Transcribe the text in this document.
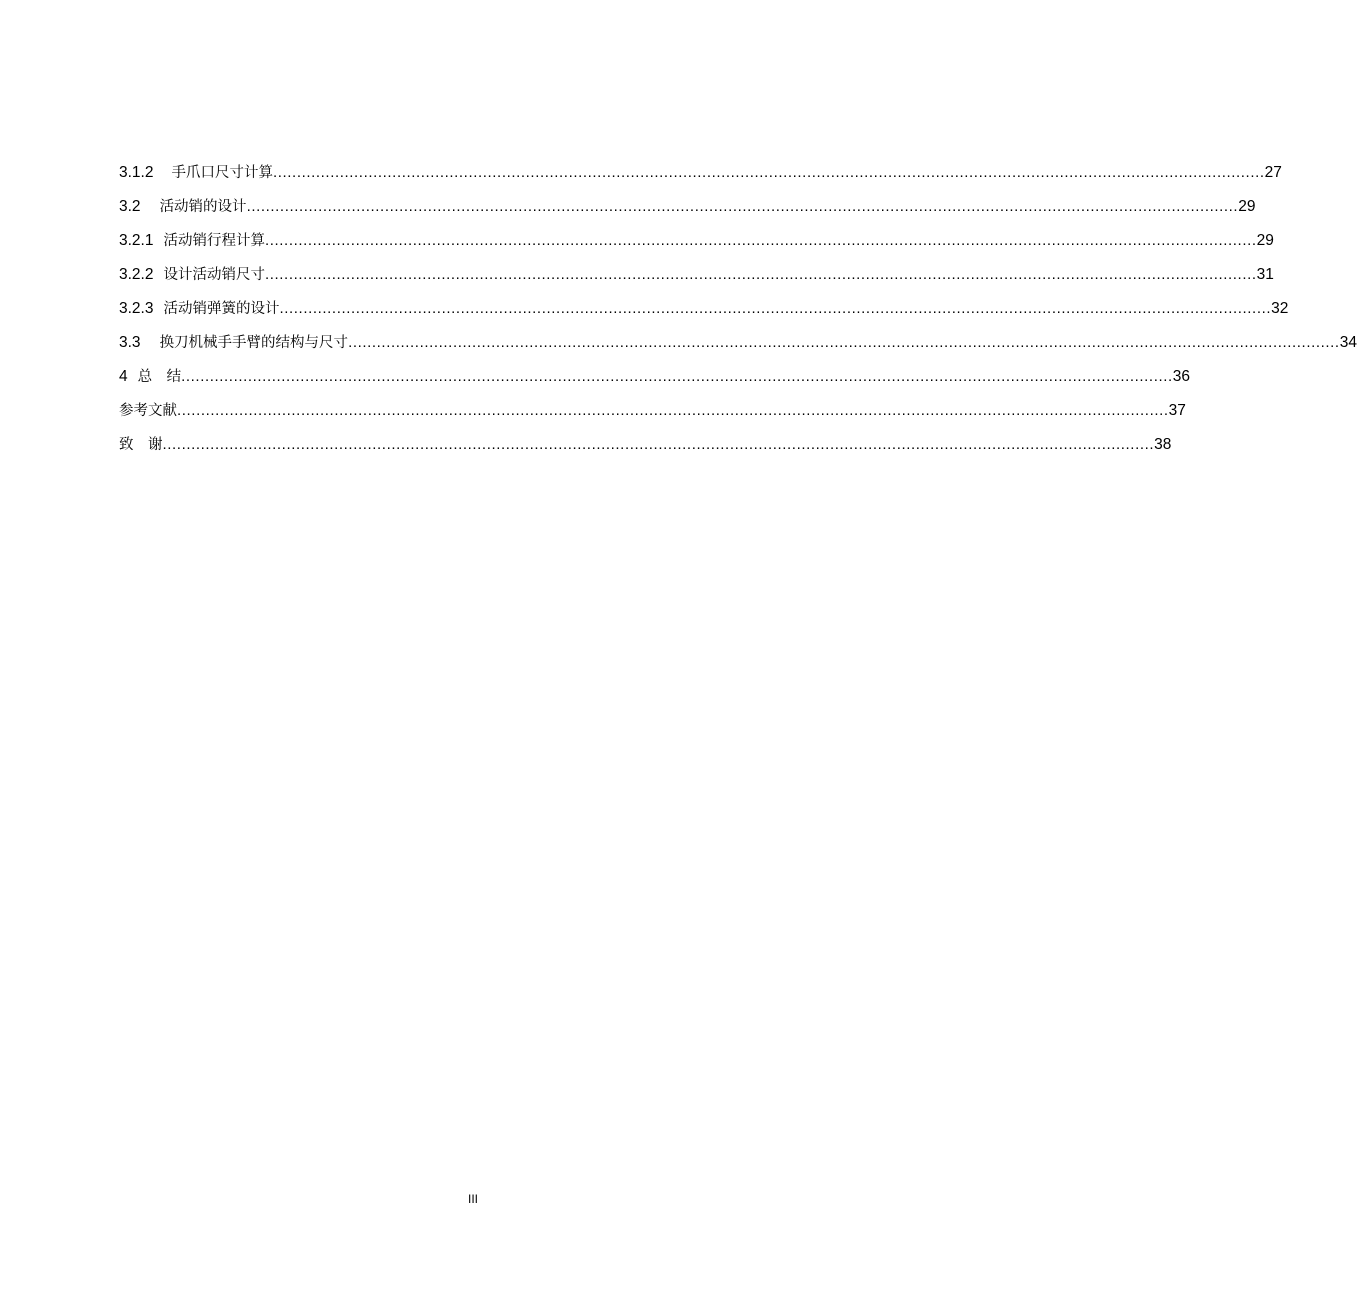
3.1.2 手爪口尺寸计算 ................................................................................................................................................................................................................ 27
3.2 活动销的设计 ................................................................................................................................................................................................................ 29
3.2.1 活动销行程计算 ................................................................................................................................................................................................................ 29
3.2.2 设计活动销尺寸 ................................................................................................................................................................................................................ 31
3.2.3 活动销弹簧的设计 ................................................................................................................................................................................................................ 32
3.3 换刀机械手手臂的结构与尺寸 ................................................................................................................................................................................................................ 34
4 总　结 ................................................................................................................................................................................................................ 36
参考文献 ................................................................................................................................................................................................................ 37
致　谢 ................................................................................................................................................................................................................ 38
III
